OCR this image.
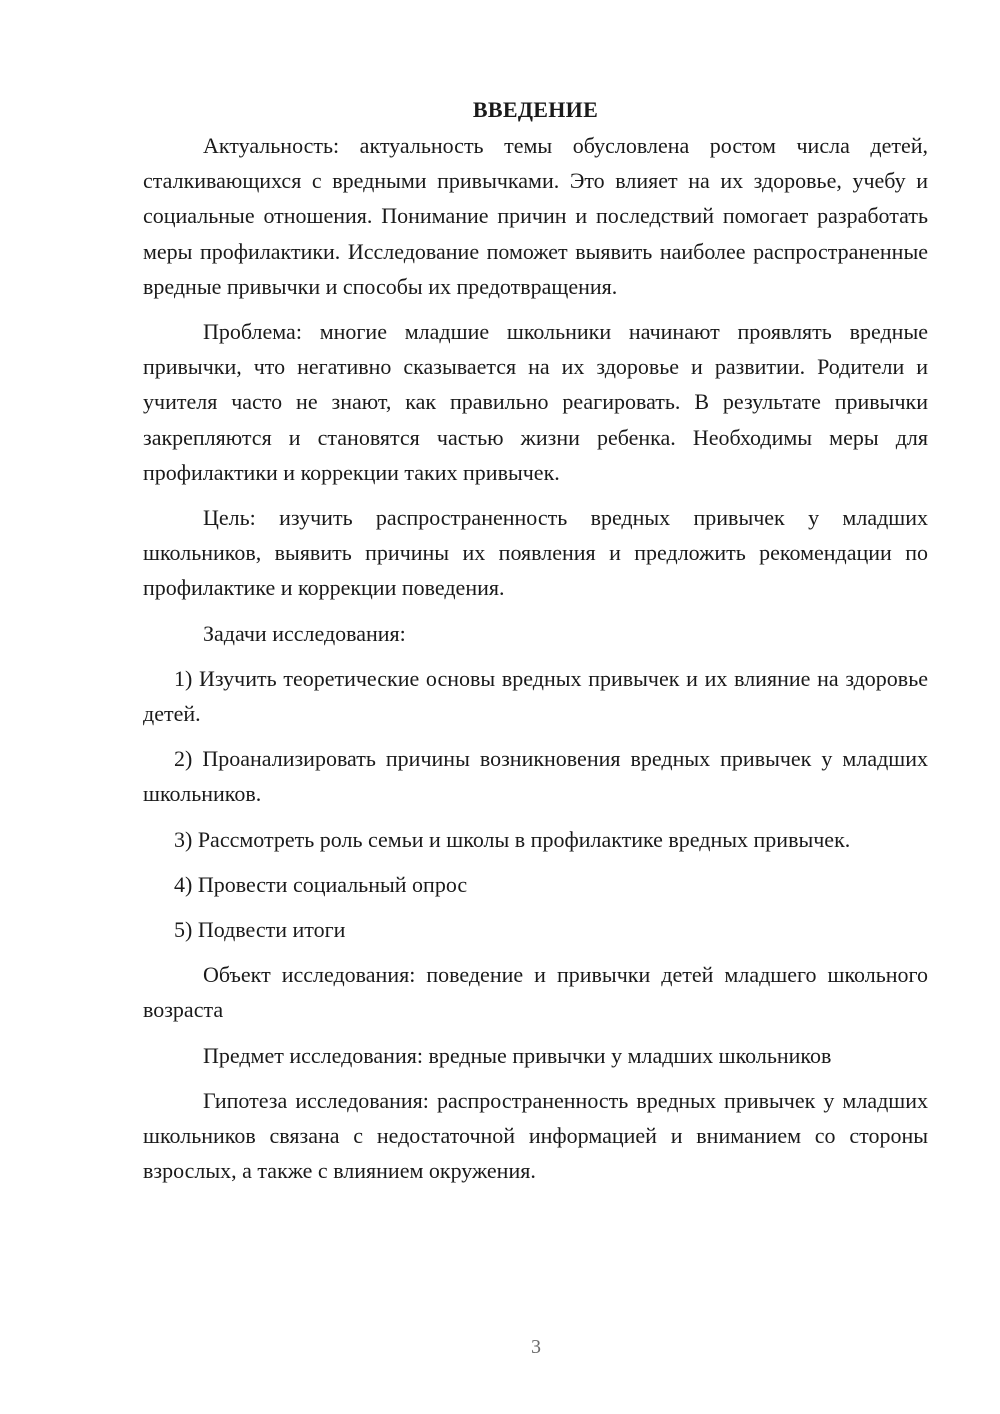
ВВЕДЕНИЕ

Актуальность: актуальность темы обусловлена ростом числа детей, сталкивающихся с вредными привычками. Это влияет на их здоровье, учебу и социальные отношения. Понимание причин и последствий помогает разработать меры профилактики. Исследование поможет выявить наиболее распространенные вредные привычки и способы их предотвращения.

Проблема: многие младшие школьники начинают проявлять вредные привычки, что негативно сказывается на их здоровье и развитии. Родители и учителя часто не знают, как правильно реагировать. В результате привычки закрепляются и становятся частью жизни ребенка. Необходимы меры для профилактики и коррекции таких привычек.

Цель: изучить распространенность вредных привычек у младших школьников, выявить причины их появления и предложить рекомендации по профилактике и коррекции поведения.

Задачи исследования:

1) Изучить теоретические основы вредных привычек и их влияние на здоровье детей.

2) Проанализировать причины возникновения вредных привычек у младших школьников.

3) Рассмотреть роль семьи и школы в профилактике вредных привычек.

4) Провести социальный опрос

5) Подвести итоги

Объект исследования: поведение и привычки детей младшего школьного возраста

Предмет исследования: вредные привычки у младших школьников

Гипотеза исследования: распространенность вредных привычек у младших школьников связана с недостаточной информацией и вниманием со стороны взрослых, а также с влиянием окружения.

3
